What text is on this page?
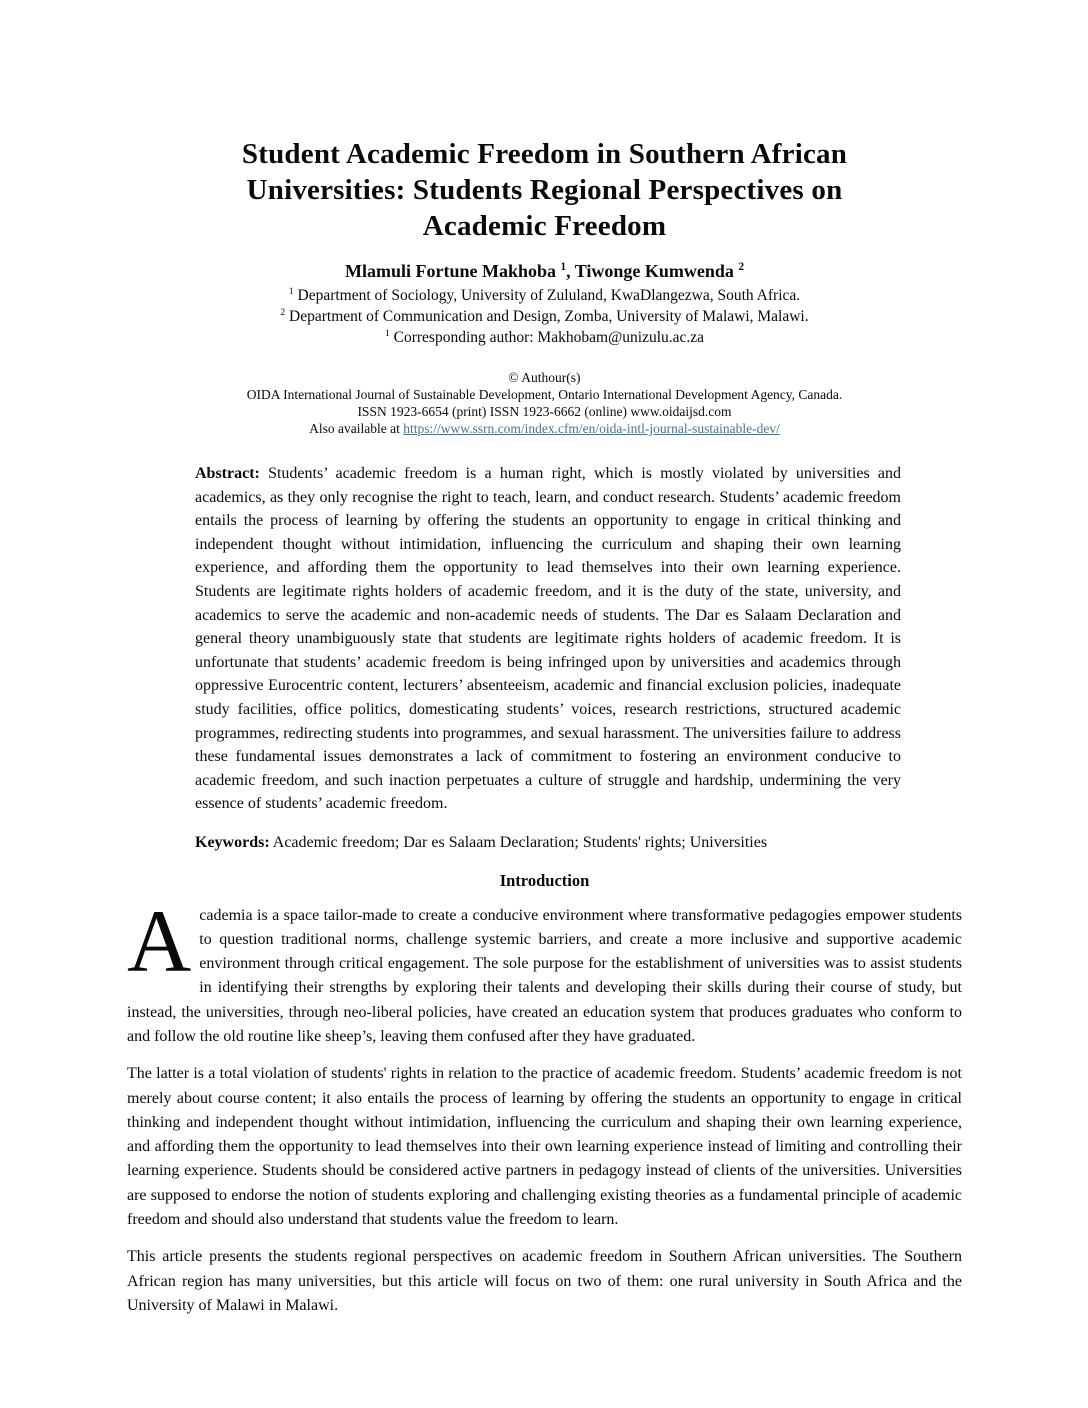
Student Academic Freedom in Southern African
Universities: Students Regional Perspectives on
Academic Freedom
Mlamuli Fortune Makhoba $^1$, Tiwonge Kumwenda $^2$
$^1$ Department of Sociology, University of Zululand, KwaDlangezwa, South Africa.
$^2$ Department of Communication and Design, Zomba, University of Malawi, Malawi.
$^1$ Corresponding author: Makhobam@unizulu.ac.za
© Authour(s)
OIDA International Journal of Sustainable Development, Ontario International Development Agency, Canada.
ISSN 1923-6654 (print) ISSN 1923-6662 (online) www.oidaijsd.com
Also available at https://www.ssrn.com/index.cfm/en/oida-intl-journal-sustainable-dev/

Abstract: Students’ academic freedom is a human right, which is mostly violated by universities and academics, as they only recognise the right to teach, learn, and conduct research. Students’ academic freedom entails the process of learning by offering the students an opportunity to engage in critical thinking and independent thought without intimidation, influencing the curriculum and shaping their own learning experience, and affording them the opportunity to lead themselves into their own learning experience. Students are legitimate rights holders of academic freedom, and it is the duty of the state, university, and academics to serve the academic and non-academic needs of students. The Dar es Salaam Declaration and general theory unambiguously state that students are legitimate rights holders of academic freedom. It is unfortunate that students’ academic freedom is being infringed upon by universities and academics through oppressive Eurocentric content, lecturers’ absenteeism, academic and financial exclusion policies, inadequate study facilities, office politics, domesticating students’ voices, research restrictions, structured academic programmes, redirecting students into programmes, and sexual harassment. The universities failure to address these fundamental issues demonstrates a lack of commitment to fostering an environment conducive to academic freedom, and such inaction perpetuates a culture of struggle and hardship, undermining the very essence of students’ academic freedom.

Keywords: Academic freedom; Dar es Salaam Declaration; Students' rights; Universities

Introduction

Academia is a space tailor-made to create a conducive environment where transformative pedagogies empower students to question traditional norms, challenge systemic barriers, and create a more inclusive and supportive academic environment through critical engagement. The sole purpose for the establishment of universities was to assist students in identifying their strengths by exploring their talents and developing their skills during their course of study, but instead, the universities, through neo-liberal policies, have created an education system that produces graduates who conform to and follow the old routine like sheep’s, leaving them confused after they have graduated.

The latter is a total violation of students' rights in relation to the practice of academic freedom. Students’ academic freedom is not merely about course content; it also entails the process of learning by offering the students an opportunity to engage in critical thinking and independent thought without intimidation, influencing the curriculum and shaping their own learning experience, and affording them the opportunity to lead themselves into their own learning experience instead of limiting and controlling their learning experience. Students should be considered active partners in pedagogy instead of clients of the universities. Universities are supposed to endorse the notion of students exploring and challenging existing theories as a fundamental principle of academic freedom and should also understand that students value the freedom to learn.

This article presents the students regional perspectives on academic freedom in Southern African universities. The Southern African region has many universities, but this article will focus on two of them: one rural university in South Africa and the University of Malawi in Malawi.
